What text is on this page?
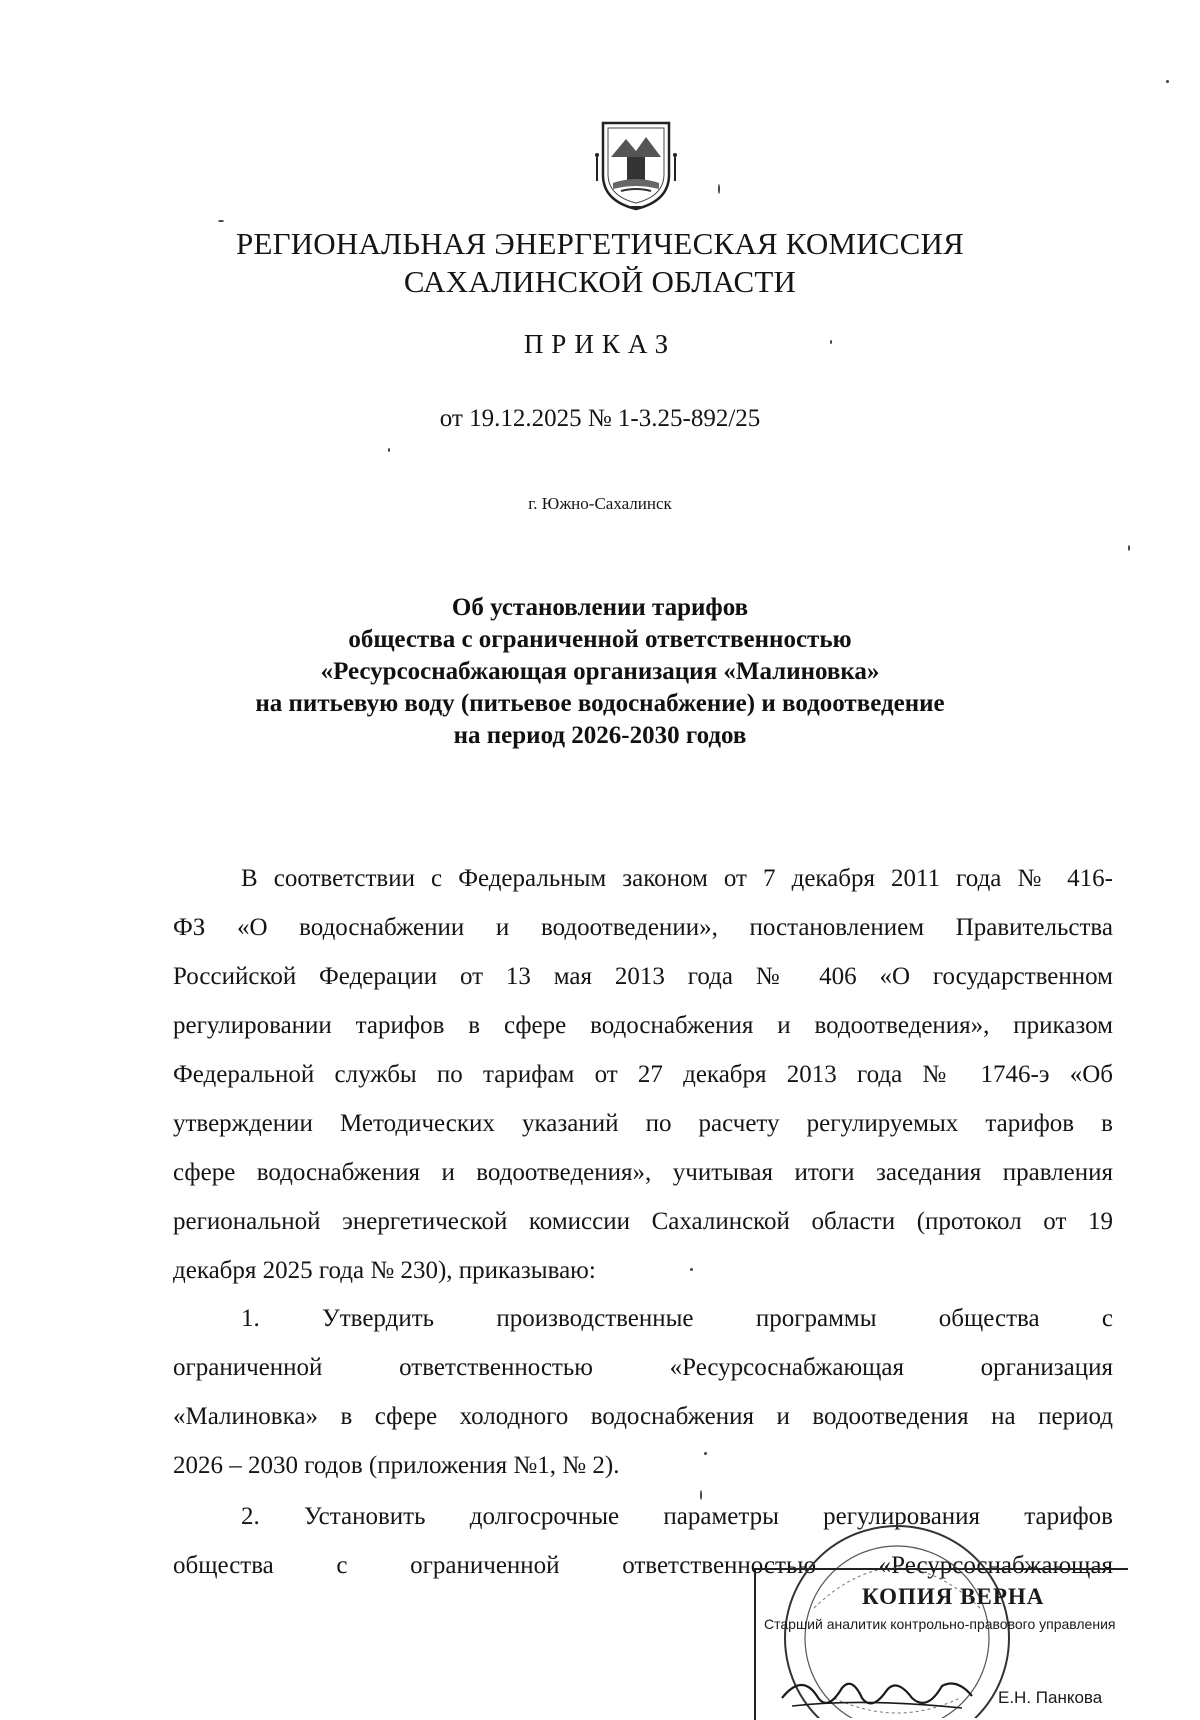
РЕГИОНАЛЬНАЯ ЭНЕРГЕТИЧЕСКАЯ КОМИССИЯ
САХАЛИНСКОЙ ОБЛАСТИ
ПРИКАЗ
от 19.12.2025 № 1-3.25-892/25
г. Южно-Сахалинск
Об установлении тарифов
общества с ограниченной ответственностью
«Ресурсоснабжающая организация «Малиновка»
на питьевую воду (питьевое водоснабжение) и водоотведение
на период 2026-2030 годов
В соответствии с Федеральным законом от 7 декабря 2011 года № 416-
ФЗ «О водоснабжении и водоотведении», постановлением Правительства
Российской Федерации от 13 мая 2013 года № 406 «О государственном
регулировании тарифов в сфере водоснабжения и водоотведения», приказом
Федеральной службы по тарифам от 27 декабря 2013 года № 1746-э «Об
утверждении Методических указаний по расчету регулируемых тарифов в
сфере водоснабжения и водоотведения», учитывая итоги заседания правления
региональной энергетической комиссии Сахалинской области (протокол от 19
декабря 2025 года № 230), приказываю:
1. Утвердить производственные программы общества с
ограниченной ответственностью «Ресурсоснабжающая организация
«Малиновка» в сфере холодного водоснабжения и водоотведения на период
2026 – 2030 годов (приложения №1, № 2).
2. Установить долгосрочные параметры регулирования тарифов
общества с ограниченной ответственностью «Ресурсоснабжающая
КОПИЯ ВЕРНА
Старший аналитик контрольно-правового управления
Е.Н. Панкова
